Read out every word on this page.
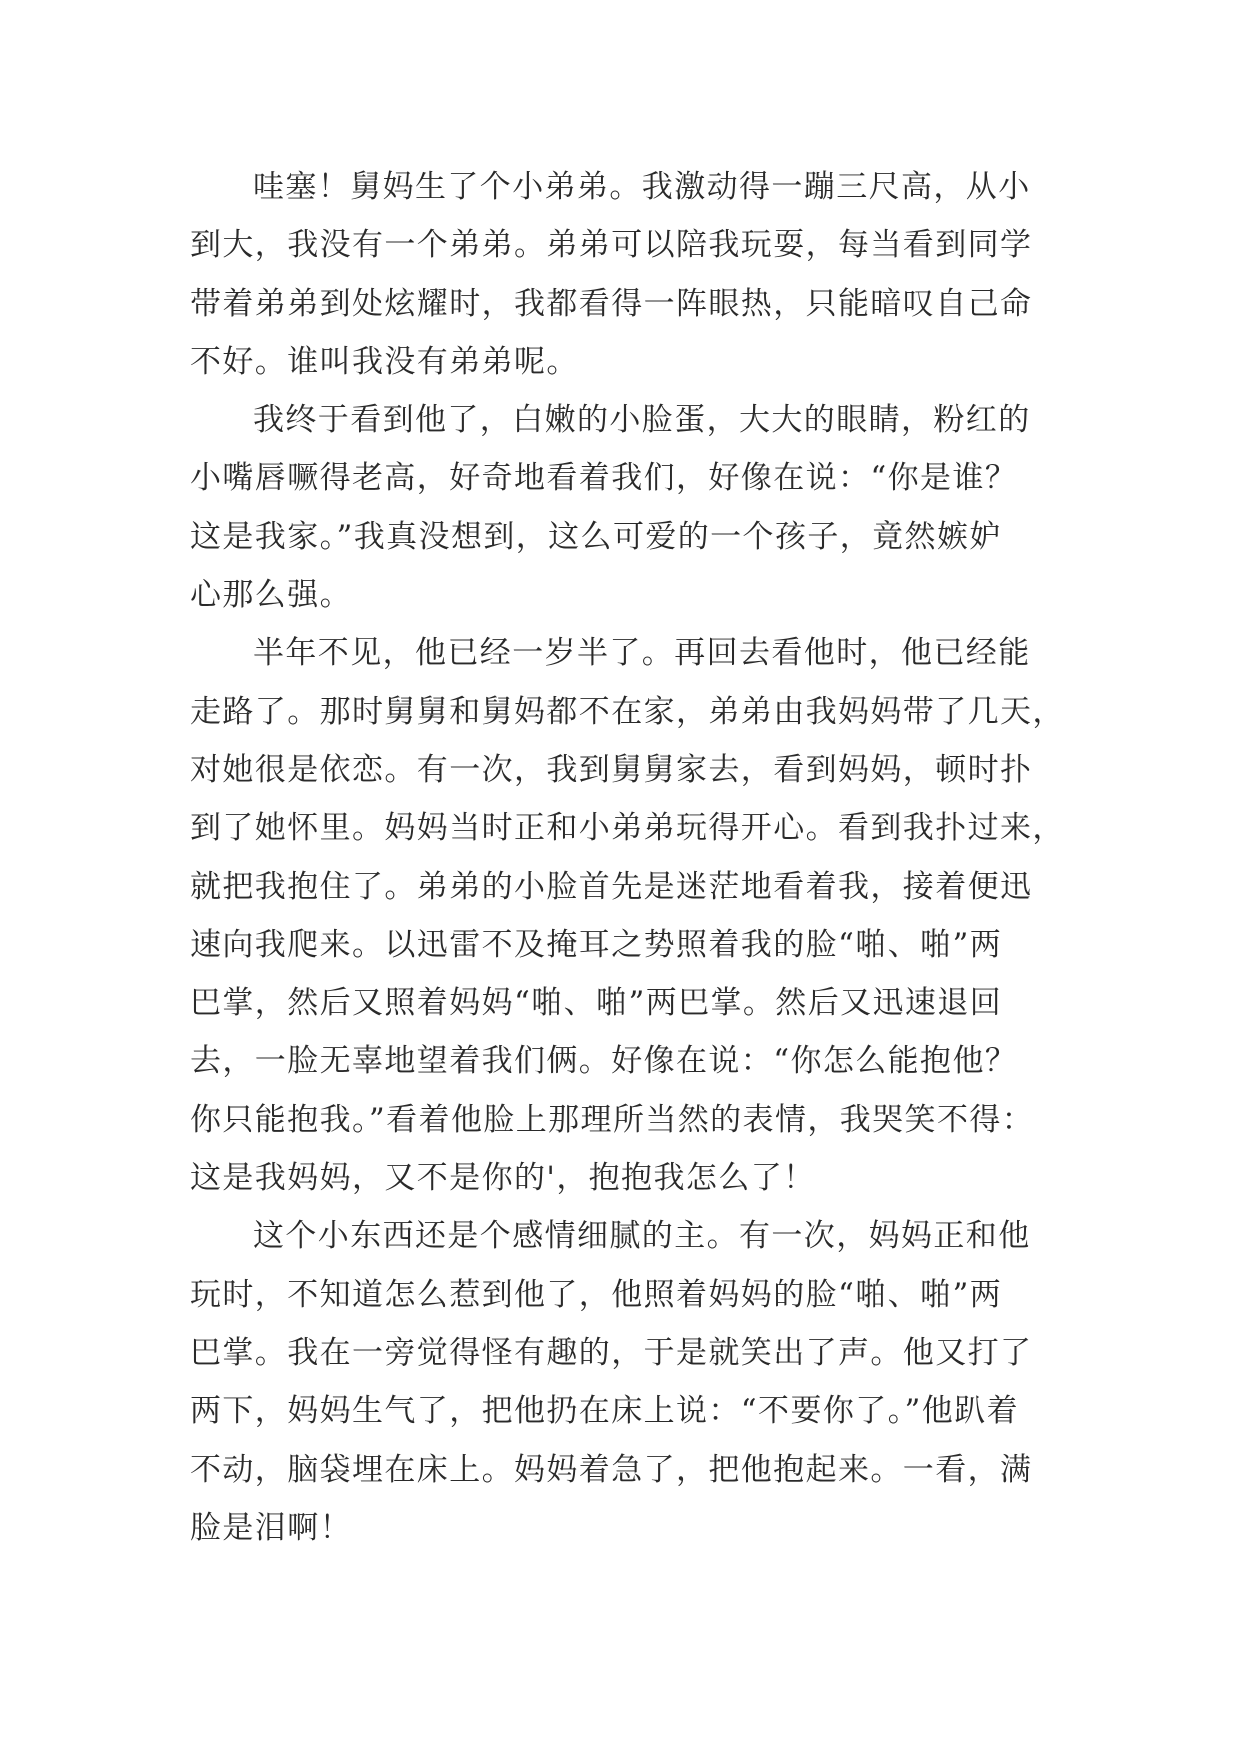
哇塞！舅妈生了个小弟弟。我激动得一蹦三尺高，从小
到大，我没有一个弟弟。弟弟可以陪我玩耍，每当看到同学
带着弟弟到处炫耀时，我都看得一阵眼热，只能暗叹自己命
不好。谁叫我没有弟弟呢。
我终于看到他了，白嫩的小脸蛋，大大的眼睛，粉红的
小嘴唇噘得老高，好奇地看着我们，好像在说：“你是谁？
这是我家。”我真没想到，这么可爱的一个孩子，竟然嫉妒
心那么强。
半年不见，他已经一岁半了。再回去看他时，他已经能
走路了。那时舅舅和舅妈都不在家，弟弟由我妈妈带了几天，
对她很是依恋。有一次，我到舅舅家去，看到妈妈，顿时扑
到了她怀里。妈妈当时正和小弟弟玩得开心。看到我扑过来，
就把我抱住了。弟弟的小脸首先是迷茫地看着我，接着便迅
速向我爬来。以迅雷不及掩耳之势照着我的脸“啪、啪”两
巴掌，然后又照着妈妈“啪、啪”两巴掌。然后又迅速退回
去，一脸无辜地望着我们俩。好像在说：“你怎么能抱他？
你只能抱我。”看着他脸上那理所当然的表情，我哭笑不得：
这是我妈妈，又不是你的'，抱抱我怎么了！
这个小东西还是个感情细腻的主。有一次，妈妈正和他
玩时，不知道怎么惹到他了，他照着妈妈的脸“啪、啪”两
巴掌。我在一旁觉得怪有趣的，于是就笑出了声。他又打了
两下，妈妈生气了，把他扔在床上说：“不要你了。”他趴着
不动，脑袋埋在床上。妈妈着急了，把他抱起来。一看，满
脸是泪啊！
